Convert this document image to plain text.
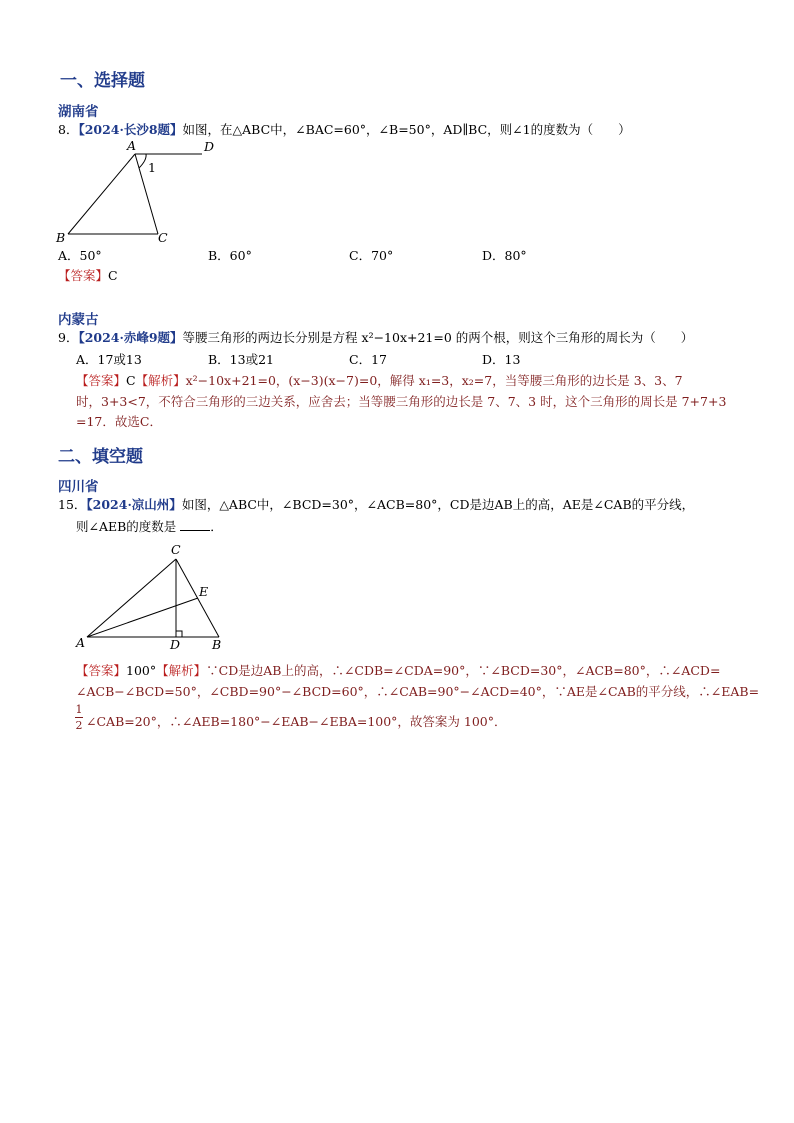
一、选择题
湖南省
8．【2024·长沙8题】如图，在△ABC中，∠BAC=60°，∠B=50°，AD∥BC，则∠1的度数为（　　）
A	D
1
B	C
A．50°	B．60°	C．70°	D．80°
【答案】C
内蒙古
9．【2024·赤峰9题】等腰三角形的两边长分别是方程 x²−10x+21=0 的两个根，则这个三角形的周长为（　　）
A．17或13	B．13或21	C．17	D．13
【答案】C【解析】x²−10x+21=0，(x−3)(x−7)=0，解得 x₁=3，x₂=7，当等腰三角形的边长是 3、3、7
时，3+3<7，不符合三角形的三边关系，应舍去；当等腰三角形的边长是 7、7、3 时，这个三角形的周长是 7+7+3
=17．故选C．
二、填空题
四川省
15．【2024·凉山州】如图，△ABC中，∠BCD=30°，∠ACB=80°，CD是边AB上的高，AE是∠CAB的平分线，
则∠AEB的度数是	．
C
E
A	D	B
【答案】100°【解析】∵CD是边AB上的高，∴∠CDB=∠CDA=90°，∵∠BCD=30°，∠ACB=80°，∴∠ACD=
∠ACB−∠BCD=50°，∠CBD=90°−∠BCD=60°，∴∠CAB=90°−∠ACD=40°，∵AE是∠CAB的平分线，∴∠EAB=
1
2 ∠CAB=20°，∴∠AEB=180°−∠EAB−∠EBA=100°，故答案为 100°．
